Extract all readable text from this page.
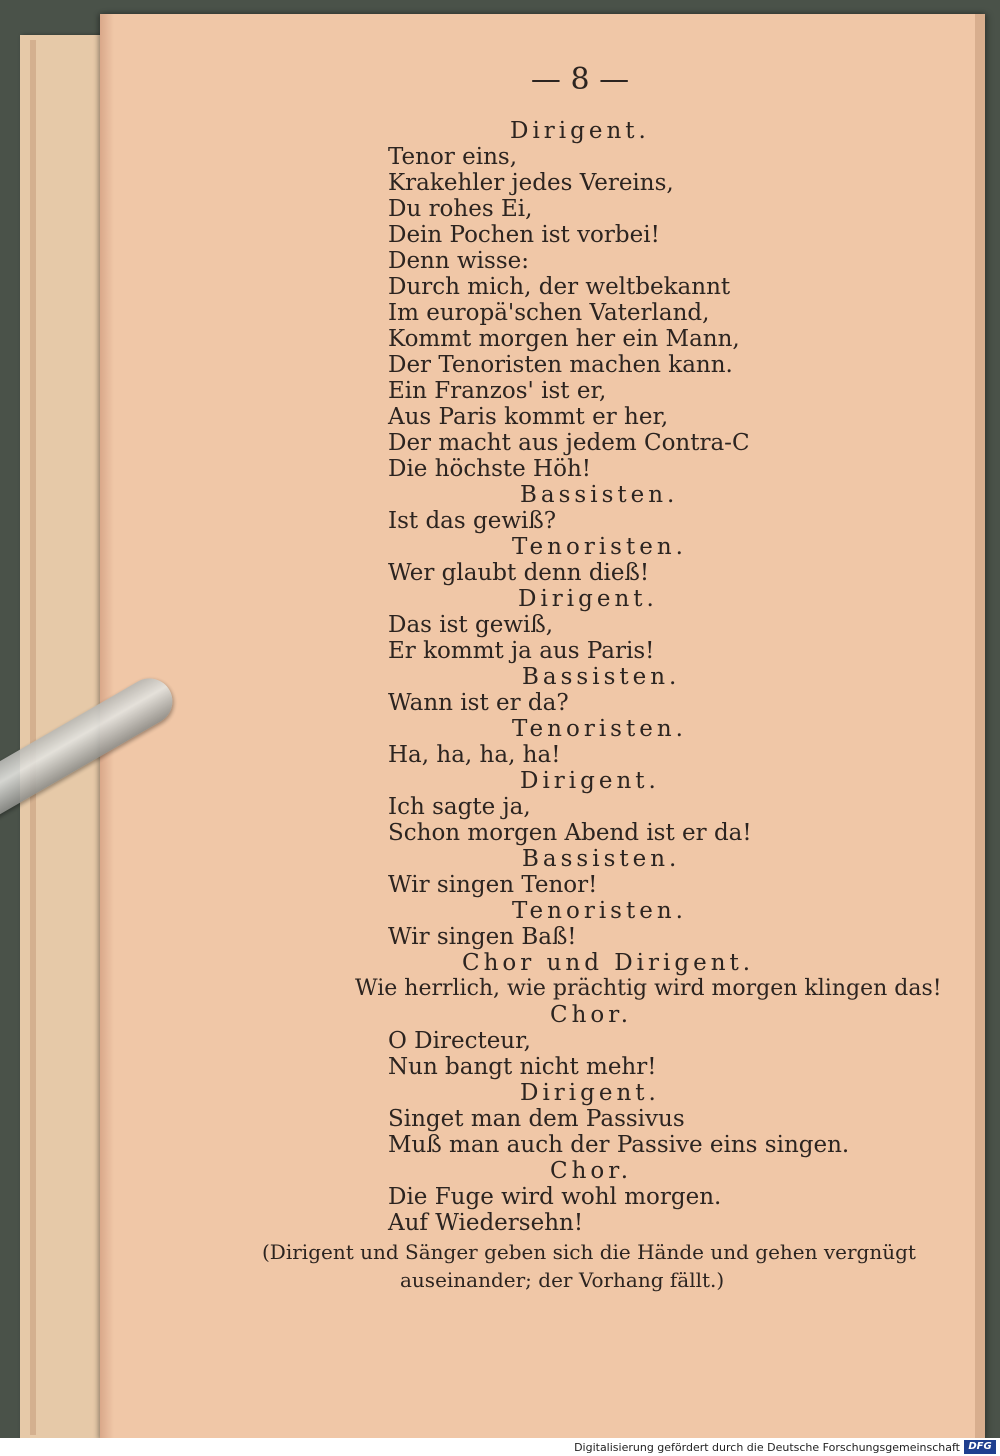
— 8 —
Dirigent.
Tenor eins,
Krakehler jedes Vereins,
Du rohes Ei,
Dein Pochen ist vorbei!
Denn wisse:
Durch mich, der weltbekannt
Im europä'schen Vaterland,
Kommt morgen her ein Mann,
Der Tenoristen machen kann.
Ein Franzos' ist er,
Aus Paris kommt er her,
Der macht aus jedem Contra-C
Die höchste Höh!
Bassisten.
Ist das gewiß?
Tenoristen.
Wer glaubt denn dieß!
Dirigent.
Das ist gewiß,
Er kommt ja aus Paris!
Bassisten.
Wann ist er da?
Tenoristen.
Ha, ha, ha, ha!
Dirigent.
Ich sagte ja,
Schon morgen Abend ist er da!
Bassisten.
Wir singen Tenor!
Tenoristen.
Wir singen Baß!
Chor und Dirigent.
Wie herrlich, wie prächtig wird morgen klingen das!
Chor.
O Directeur,
Nun bangt nicht mehr!
Dirigent.
Singet man dem Passivus
Muß man auch der Passive eins singen.
Chor.
Die Fuge wird wohl morgen.
Auf Wiedersehn!
(Dirigent und Sänger geben sich die Hände und gehen vergnügt
auseinander; der Vorhang fällt.)
Digitalisierung gefördert durch die Deutsche Forschungsgemeinschaft DFG
